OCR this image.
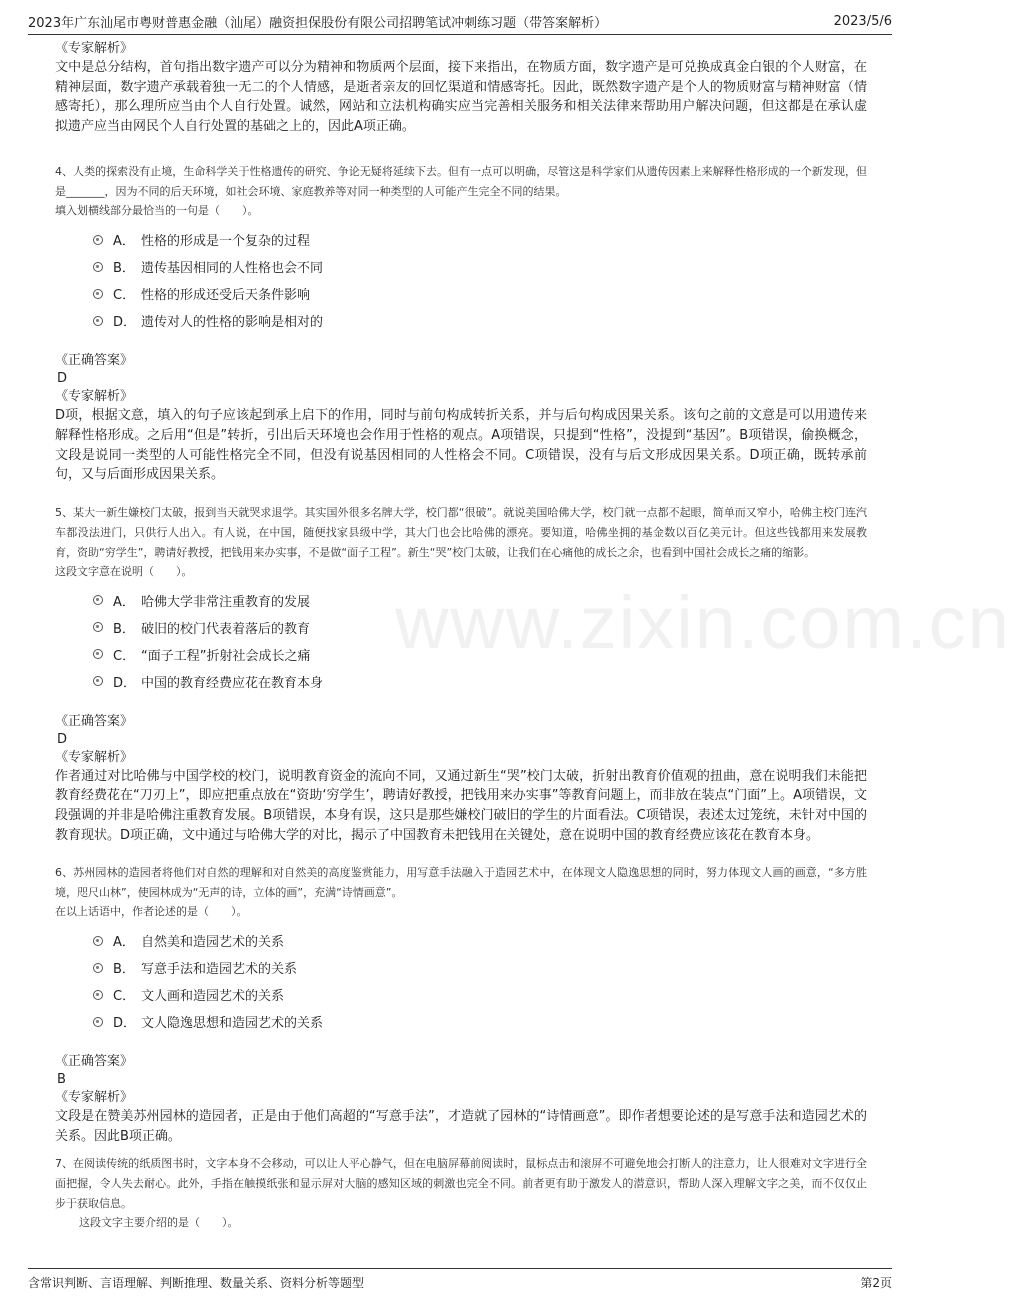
2023年广东汕尾市粤财普惠金融（汕尾）融资担保股份有限公司招聘笔试冲刺练习题（带答案解析）	2023/5/6
www.zixin.com.cn
《专家解析》
文中是总分结构，首句指出数字遗产可以分为精神和物质两个层面，接下来指出，在物质方面，数字遗产是可兑换成真金白银的个人财富，在精神层面，数字遗产承载着独一无二的个人情感，是逝者亲友的回忆渠道和情感寄托。因此，既然数字遗产是个人的物质财富与精神财富（情感寄托），那么理所应当由个人自行处置。诚然，网站和立法机构确实应当完善相关服务和相关法律来帮助用户解决问题，但这都是在承认虚拟遗产应当由网民个人自行处置的基础之上的，因此A项正确。
4、人类的探索没有止境，生命科学关于性格遗传的研究、争论无疑将延续下去。但有一点可以明确，尽管这是科学家们从遗传因素上来解释性格形成的一个新发现，但是_______，因为不同的后天环境，如社会环境、家庭教养等对同一种类型的人可能产生完全不同的结果。
填入划横线部分最恰当的一句是（　　）。
A． 性格的形成是一个复杂的过程
B． 遗传基因相同的人性格也会不同
C． 性格的形成还受后天条件影响
D． 遗传对人的性格的影响是相对的
《正确答案》
D
《专家解析》
D项，根据文意，填入的句子应该起到承上启下的作用，同时与前句构成转折关系，并与后句构成因果关系。该句之前的文意是可以用遗传来解释性格形成。之后用“但是”转折，引出后天环境也会作用于性格的观点。A项错误，只提到“性格”，没提到“基因”。B项错误，偷换概念，文段是说同一类型的人可能性格完全不同，但没有说基因相同的人性格会不同。C项错误，没有与后文形成因果关系。D项正确，既转承前句，又与后面形成因果关系。
5、某大一新生嫌校门太破，报到当天就哭求退学。其实国外很多名牌大学，校门都“很破”。就说美国哈佛大学，校门就一点都不起眼，简单而又窄小，哈佛主校门连汽车都没法进门，只供行人出入。有人说，在中国，随便找家县级中学，其大门也会比哈佛的漂亮。要知道，哈佛坐拥的基金数以百亿美元计。但这些钱都用来发展教育，资助“穷学生”，聘请好教授，把钱用来办实事，不是做“面子工程”。新生“哭”校门太破，让我们在心痛他的成长之余，也看到中国社会成长之痛的缩影。
这段文字意在说明（　　）。
A． 哈佛大学非常注重教育的发展
B． 破旧的校门代表着落后的教育
C． “面子工程”折射社会成长之痛
D． 中国的教育经费应花在教育本身
《正确答案》
D
《专家解析》
作者通过对比哈佛与中国学校的校门，说明教育资金的流向不同，又通过新生“哭”校门太破，折射出教育价值观的扭曲，意在说明我们未能把教育经费花在“刀刃上”，即应把重点放在“资助‘穷学生’，聘请好教授，把钱用来办实事”等教育问题上，而非放在装点“门面”上。A项错误，文段强调的并非是哈佛注重教育发展。B项错误，本身有误，这只是那些嫌校门破旧的学生的片面看法。C项错误，表述太过笼统，未针对中国的教育现状。D项正确，文中通过与哈佛大学的对比，揭示了中国教育未把钱用在关键处，意在说明中国的教育经费应该花在教育本身。
6、苏州园林的造园者将他们对自然的理解和对自然美的高度鉴赏能力，用写意手法融入于造园艺术中，在体现文人隐逸思想的同时，努力体现文人画的画意，“多方胜境，咫尺山林”，使园林成为“无声的诗，立体的画”，充满“诗情画意”。
在以上话语中，作者论述的是（　　）。
A． 自然美和造园艺术的关系
B． 写意手法和造园艺术的关系
C． 文人画和造园艺术的关系
D． 文人隐逸思想和造园艺术的关系
《正确答案》
B
《专家解析》
文段是在赞美苏州园林的造园者，正是由于他们高超的“写意手法”，才造就了园林的“诗情画意”。即作者想要论述的是写意手法和造园艺术的关系。因此B项正确。
7、在阅读传统的纸质图书时，文字本身不会移动，可以让人平心静气，但在电脑屏幕前阅读时，鼠标点击和滚屏不可避免地会打断人的注意力，让人很难对文字进行全面把握，令人失去耐心。此外，手指在触摸纸张和显示屏对大脑的感知区域的刺激也完全不同。前者更有助于激发人的潜意识，帮助人深入理解文字之美，而不仅仅止步于获取信息。
这段文字主要介绍的是（　　）。
含常识判断、言语理解、判断推理、数量关系、资料分析等题型	第2页
